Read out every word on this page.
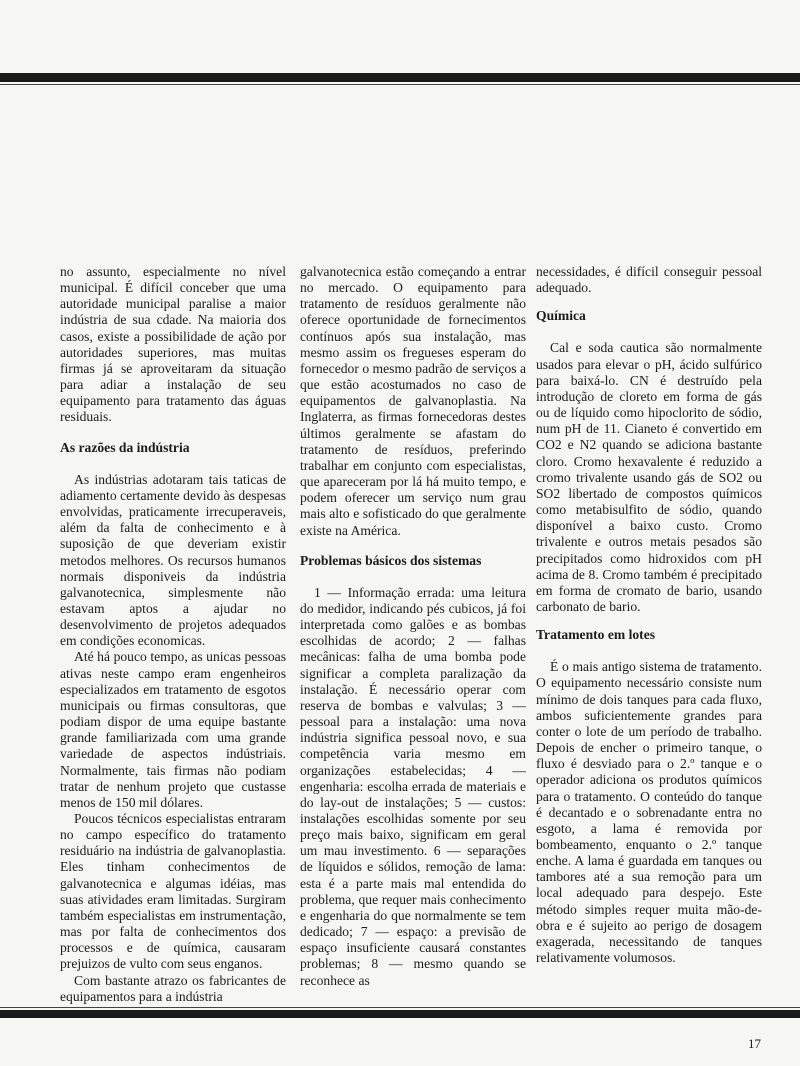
no assunto, especialmente no nível municipal. É difícil conceber que uma autoridade municipal paralise a maior indústria de sua cdade. Na maioria dos casos, existe a possibilidade de ação por autoridades superiores, mas muitas firmas já se aproveitaram da situação para adiar a instalação de seu equipamento para tratamento das águas residuais.

As razões da indústria

As indústrias adotaram tais taticas de adiamento certamente devido às despesas envolvidas, praticamente irrecuperaveis, além da falta de conhecimento e à suposição de que deveriam existir metodos melhores. Os recursos humanos normais disponiveis da indústria galvanotecnica, simplesmente não estavam aptos a ajudar no desenvolvimento de projetos adequados em condições economicas.

Até há pouco tempo, as unicas pessoas ativas neste campo eram engenheiros especializados em tratamento de esgotos municipais ou firmas consultoras, que podiam dispor de uma equipe bastante grande familiarizada com uma grande variedade de aspectos indústriais. Normalmente, tais firmas não podiam tratar de nenhum projeto que custasse menos de 150 mil dólares.

Poucos técnicos especialistas entraram no campo específico do tratamento residuário na indústria de galvanoplastia. Eles tinham conhecimentos de galvanotecnica e algumas idéias, mas suas atividades eram limitadas. Surgiram também especialistas em instrumentação, mas por falta de conhecimentos dos processos e de química, causaram prejuizos de vulto com seus enganos.

Com bastante atrazo os fabricantes de equipamentos para a indústria

galvanotecnica estão começando a entrar no mercado. O equipamento para tratamento de resíduos geralmente não oferece oportunidade de fornecimentos contínuos após sua instalação, mas mesmo assim os fregueses esperam do fornecedor o mesmo padrão de serviços a que estão acostumados no caso de equipamentos de galvanoplastia. Na Inglaterra, as firmas fornecedoras destes últimos geralmente se afastam do tratamento de resíduos, preferindo trabalhar em conjunto com especialistas, que apareceram por lá há muito tempo, e podem oferecer um serviço num grau mais alto e sofisticado do que geralmente existe na América.

Problemas básicos dos sistemas

1 — Informação errada: uma leitura do medidor, indicando pés cubicos, já foi interpretada como galões e as bombas escolhidas de acordo; 2 — falhas mecânicas: falha de uma bomba pode significar a completa paralização da instalação. É necessário operar com reserva de bombas e valvulas; 3 — pessoal para a instalação: uma nova indústria significa pessoal novo, e sua competência varia mesmo em organizações estabelecidas; 4 — engenharia: escolha errada de materiais e do lay-out de instalações; 5 — custos: instalações escolhidas somente por seu preço mais baixo, significam em geral um mau investimento. 6 — separações de líquidos e sólidos, remoção de lama: esta é a parte mais mal entendida do problema, que requer mais conhecimento e engenharia do que normalmente se tem dedicado; 7 — espaço: a previsão de espaço insuficiente causará constantes problemas; 8 — mesmo quando se reconhece as

necessidades, é difícil conseguir pessoal adequado.

Química

Cal e soda cautica são normalmente usados para elevar o pH, ácido sulfúrico para baixá-lo. CN é destruído pela introdução de cloreto em forma de gás ou de líquido como hipoclorito de sódio, num pH de 11. Cianeto é convertido em CO2 e N2 quando se adiciona bastante cloro. Cromo hexavalente é reduzido a cromo trivalente usando gás de SO2 ou SO2 libertado de compostos químicos como metabisulfito de sódio, quando disponível a baixo custo. Cromo trivalente e outros metais pesados são precipitados como hidroxidos com pH acima de 8. Cromo também é precipitado em forma de cromato de bario, usando carbonato de bario.

Tratamento em lotes

É o mais antigo sistema de tratamento. O equipamento necessário consiste num mínimo de dois tanques para cada fluxo, ambos suficientemente grandes para conter o lote de um período de trabalho. Depois de encher o primeiro tanque, o fluxo é desviado para o 2.º tanque e o operador adiciona os produtos químicos para o tratamento. O conteúdo do tanque é decantado e o sobrenadante entra no esgoto, a lama é removida por bombeamento, enquanto o 2.º tanque enche. A lama é guardada em tanques ou tambores até a sua remoção para um local adequado para despejo. Este método simples requer muita mão-de-obra e é sujeito ao perigo de dosagem exagerada, necessitando de tanques relativamente volumosos.

17
